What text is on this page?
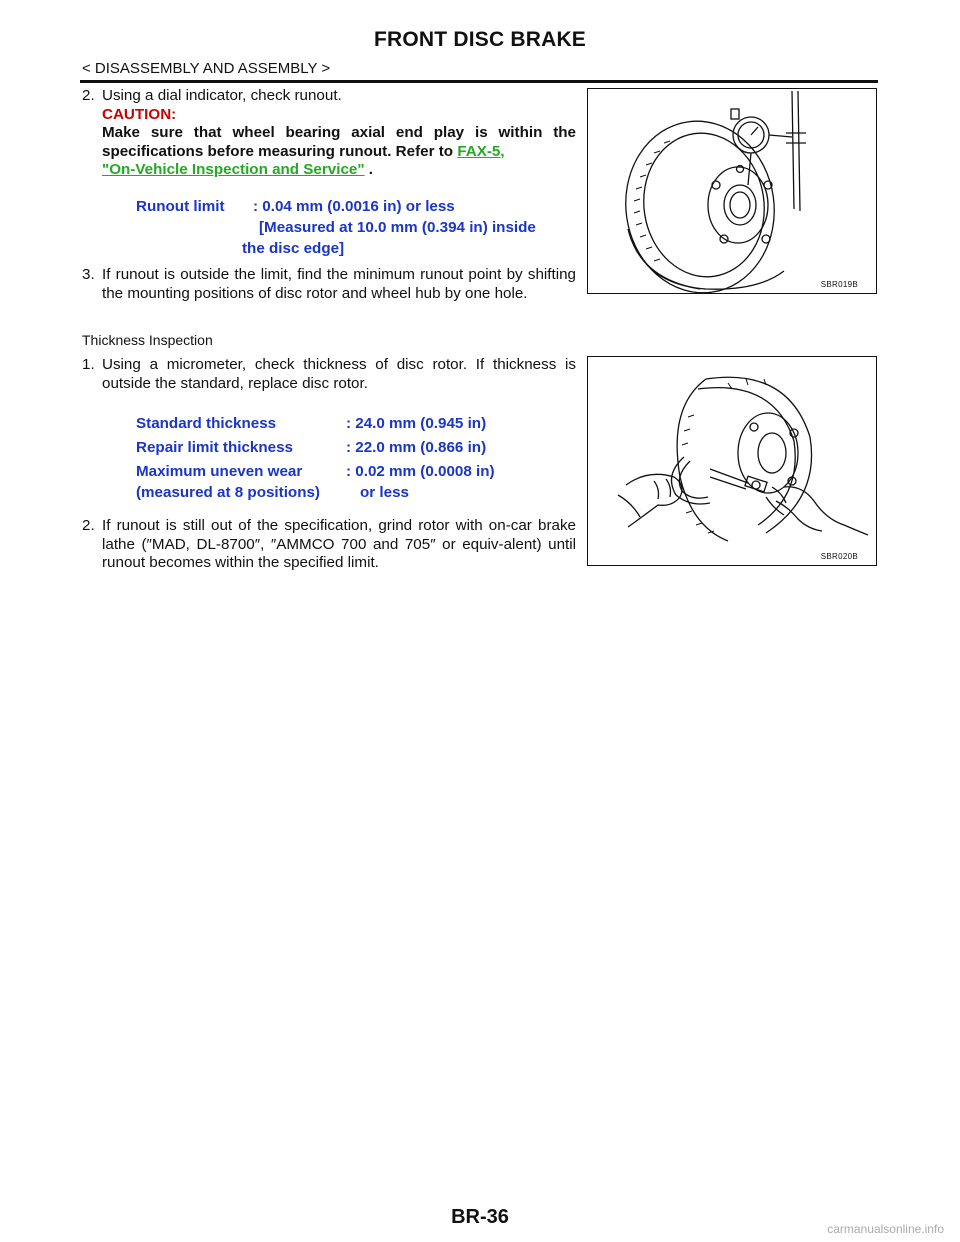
FRONT DISC BRAKE
< DISASSEMBLY AND ASSEMBLY >
2. Using a dial indicator, check runout.
CAUTION:
Make sure that wheel bearing axial end play is within the specifications before measuring runout. Refer to FAX-5,
"On-Vehicle Inspection and Service" .
Runout limit	: 0.04 mm (0.0016 in) or less
[Measured at 10.0 mm (0.394 in) inside
the disc edge]
3. If runout is outside the limit, find the minimum runout point by shifting the mounting positions of disc rotor and wheel hub by one hole.	SBR019B
Thickness Inspection
1. Using a micrometer, check thickness of disc rotor. If thickness is outside the standard, replace disc rotor.
Standard thickness	: 24.0 mm (0.945 in)
Repair limit thickness	: 22.0 mm (0.866 in)
Maximum uneven wear	: 0.02 mm (0.0008 in)
(measured at 8 positions)	or less
2. If runout is still out of the specification, grind rotor with on-car brake lathe (″MAD, DL-8700″, ″AMMCO 700 and 705″ or equiv-alent) until runout becomes within the specified limit.	SBR020B
BR-36
carmanualsonline.info
